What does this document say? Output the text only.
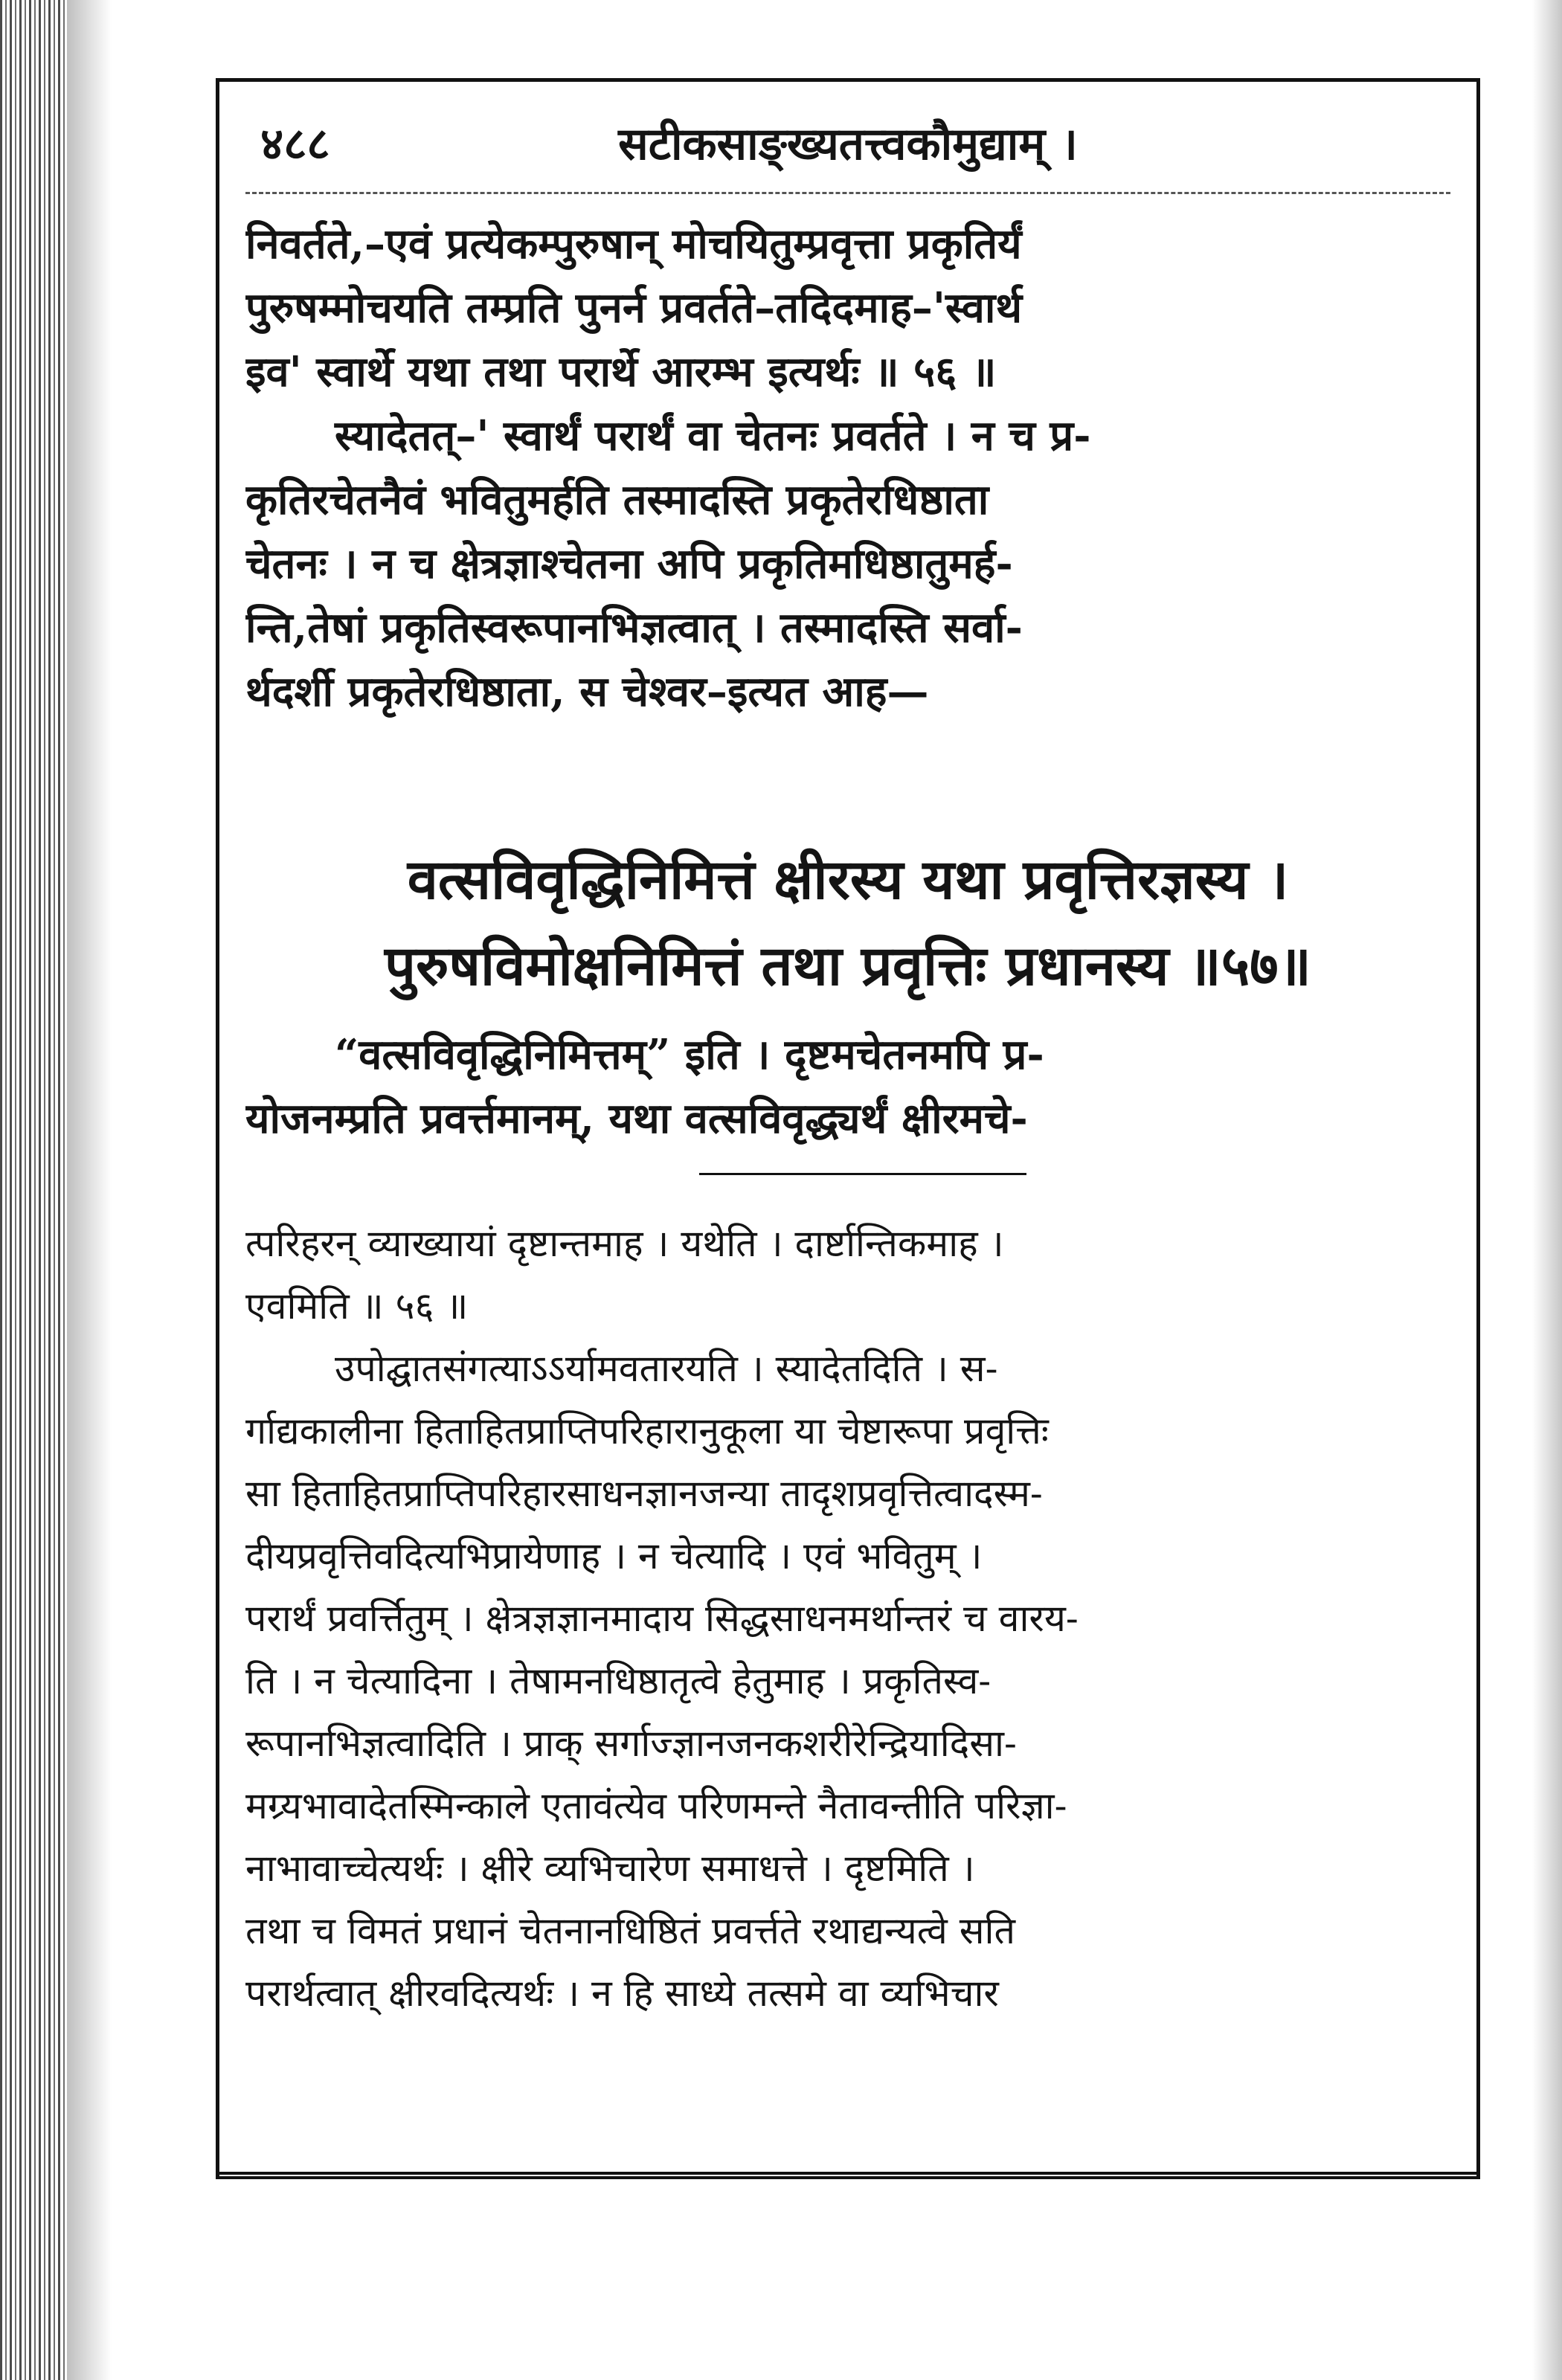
४८८	सटीकसाङ्ख्यतत्त्वकौमुद्याम् ।
निवर्तते,–एवं प्रत्येकम्पुरुषान् मोचयितुम्प्रवृत्ता प्रकृतिर्यं
पुरुषम्मोचयति तम्प्रति पुनर्न प्रवर्तते–तदिदमाह–'स्वार्थ
इव' स्वार्थे यथा तथा परार्थे आरम्भ इत्यर्थः ॥ ५६ ॥
स्यादेतत्–' स्वार्थं परार्थं वा चेतनः प्रवर्तते । न च प्र-
कृतिरचेतनैवं भवितुमर्हति तस्मादस्ति प्रकृतेरधिष्ठाता
चेतनः । न च क्षेत्रज्ञाश्चेतना अपि प्रकृतिमधिष्ठातुमर्ह-
न्ति,तेषां प्रकृतिस्वरूपानभिज्ञत्वात् । तस्मादस्ति सर्वा-
र्थदर्शी प्रकृतेरधिष्ठाता, स चेश्वर–इत्यत आह—
वत्सविवृद्धिनिमित्तं क्षीरस्य यथा प्रवृत्तिरज्ञस्य ।
पुरुषविमोक्षनिमित्तं तथा प्रवृत्तिः प्रधानस्य ॥५७॥
“वत्सविवृद्धिनिमित्तम्” इति । दृष्टमचेतनमपि प्र-
योजनम्प्रति प्रवर्त्तमानम्, यथा वत्सविवृद्ध्यर्थं क्षीरमचे-
त्परिहरन् व्याख्यायां दृष्टान्तमाह । यथेति । दार्ष्टान्तिकमाह ।
एवमिति ॥ ५६ ॥
उपोद्घातसंगत्याऽऽर्यामवतारयति । स्यादेतदिति । स-
र्गाद्यकालीना हिताहितप्राप्तिपरिहारानुकूला या चेष्टारूपा प्रवृत्तिः
सा हिताहितप्राप्तिपरिहारसाधनज्ञानजन्या तादृशप्रवृत्तित्वादस्म-
दीयप्रवृत्तिवदित्यभिप्रायेणाह । न चेत्यादि । एवं भवितुम् ।
परार्थं प्रवर्त्तितुम् । क्षेत्रज्ञज्ञानमादाय सिद्धसाधनमर्थान्तरं च वारय-
ति । न चेत्यादिना । तेषामनधिष्ठातृत्वे हेतुमाह । प्रकृतिस्व-
रूपानभिज्ञत्वादिति । प्राक् सर्गाज्ज्ञानजनकशरीरेन्द्रियादिसा-
मग्र्यभावादेतस्मिन्काले एतावंत्येव परिणमन्ते नैतावन्तीति परिज्ञा-
नाभावाच्चेत्यर्थः । क्षीरे व्यभिचारेण समाधत्ते । दृष्टमिति ।
तथा च विमतं प्रधानं चेतनानधिष्ठितं प्रवर्त्तते रथाद्यन्यत्वे सति
परार्थत्वात् क्षीरवदित्यर्थः । न हि साध्ये तत्समे वा व्यभिचार
